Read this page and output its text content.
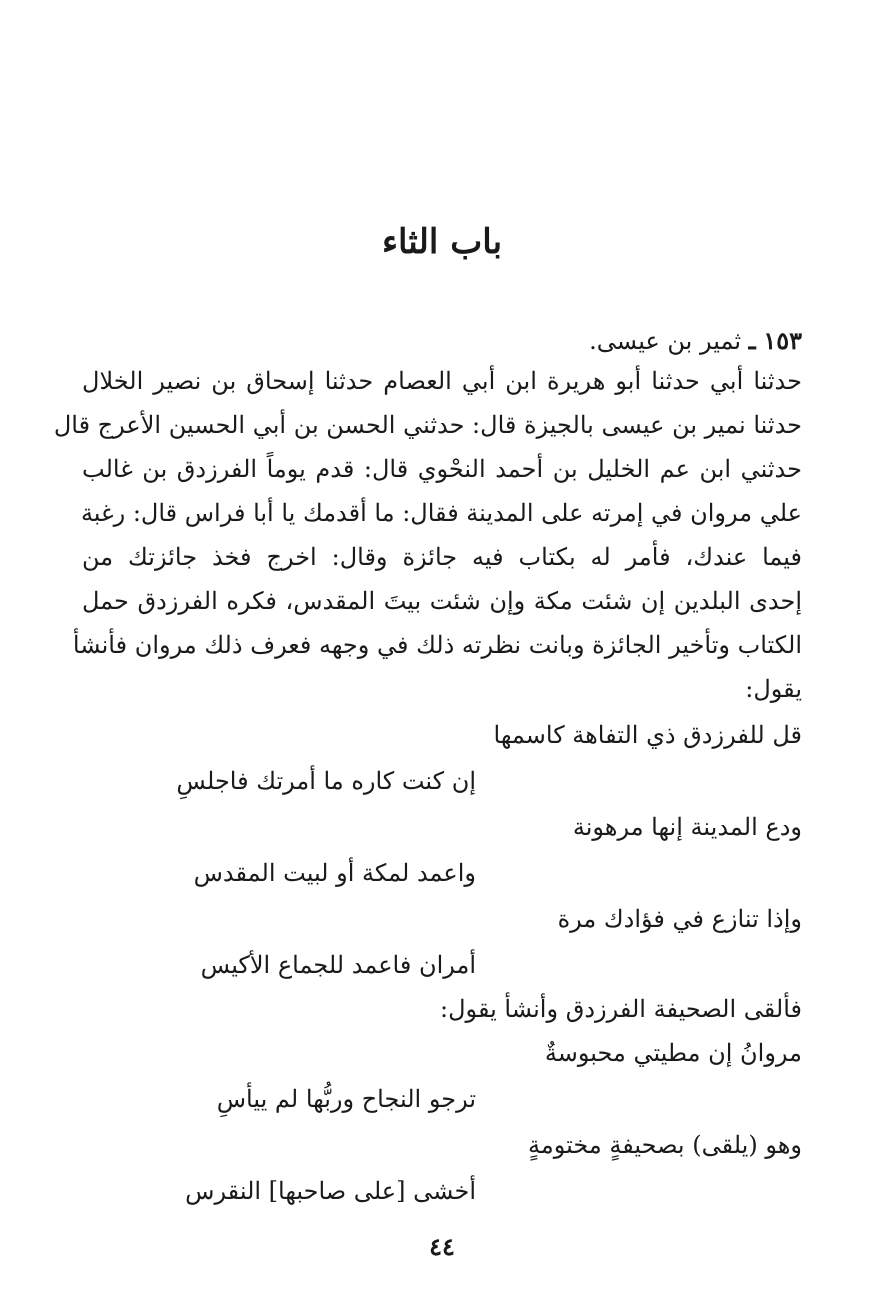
باب الثاء
١٥٣ ـ ثمير بن عيسى.
حدثنا أبي حدثنا أبو هريرة ابن أبي العصام حدثنا إسحاق بن نصير الخلال
حدثنا نمير بن عيسى بالجيزة قال: حدثني الحسن بن أبي الحسين الأعرج قال
حدثني ابن عم الخليل بن أحمد النحْوي قال: قدم يوماً الفرزدق بن غالب
علي مروان في إمرته على المدينة فقال: ما أقدمك يا أبا فراس قال: رغبة
فيما عندك، فأمر له بكتاب فيه جائزة وقال: اخرج فخذ جائزتك من
إحدى البلدين إن شئت مكة وإن شئت بيتَ المقدس، فكره الفرزدق حمل
الكتاب وتأخير الجائزة وبانت نظرته ذلك في وجهه فعرف ذلك مروان فأنشأ
يقول:
قل للفرزدق ذي التفاهة كاسمها
إن كنت كاره ما أمرتك فاجلسِ
ودع المدينة إنها مرهونة
واعمد لمكة أو لبيت المقدس
وإذا تنازع في فؤادك مرة
أمران فاعمد للجماع الأكيس
فألقى الصحيفة الفرزدق وأنشأ يقول:
مروانُ إن مطيتي محبوسةٌ
ترجو النجاح وربُّها لم ييأسِ
وهو (يلقى) بصحيفةٍ مختومةٍ
أخشى [على صاحبها] النقرس
٤٤
